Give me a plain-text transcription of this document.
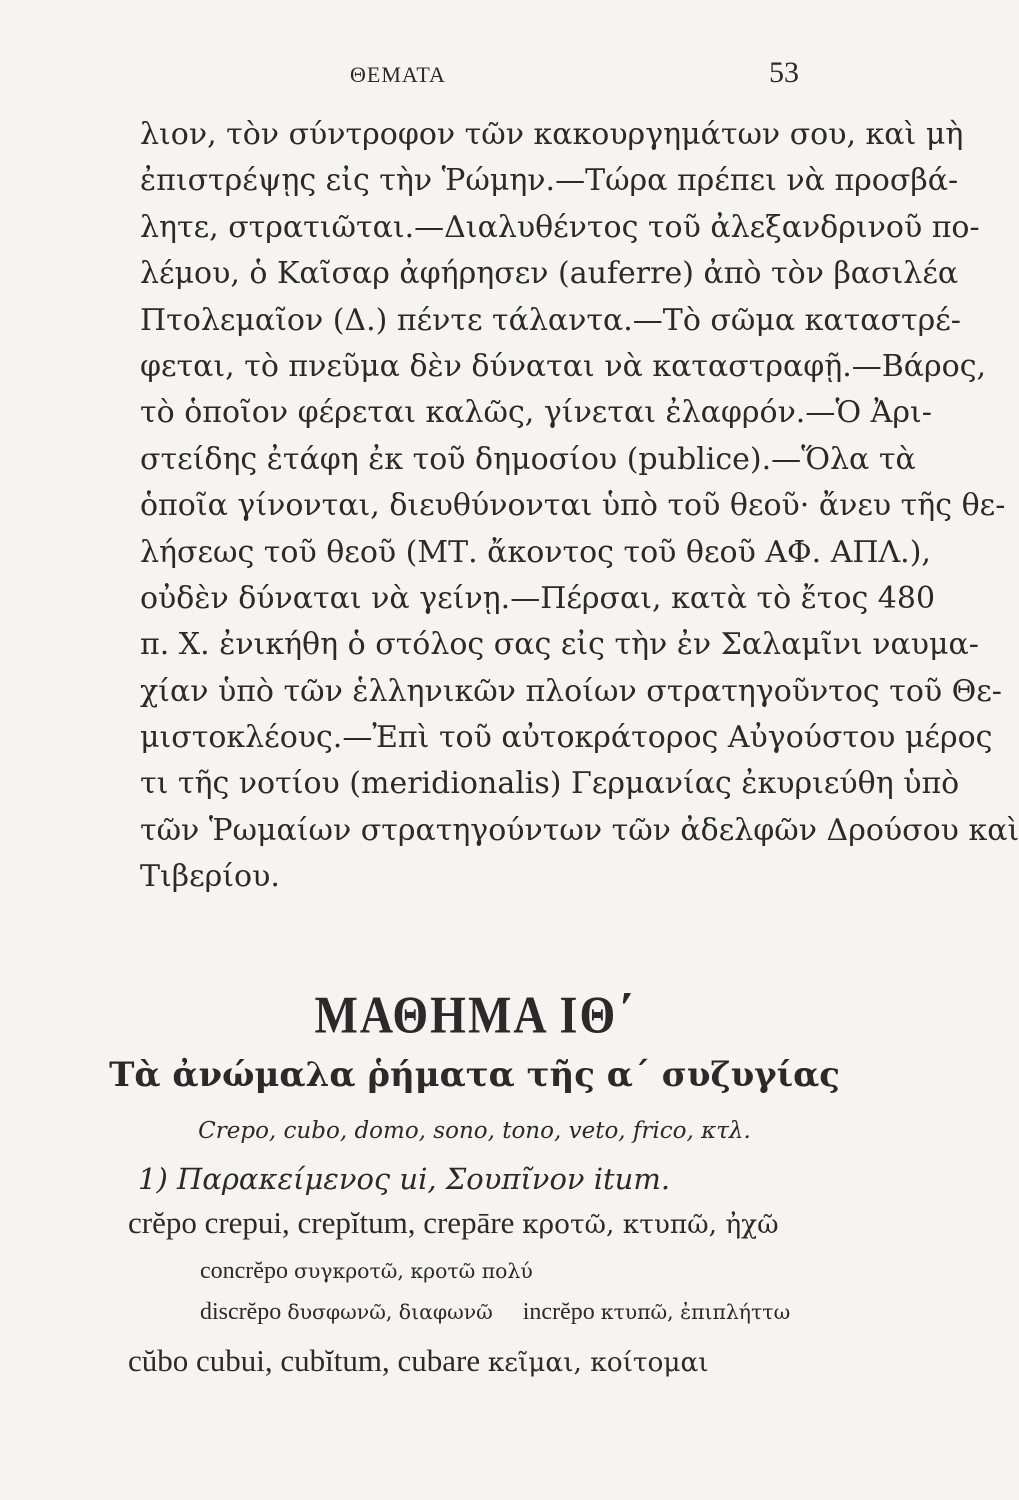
ΘΕΜΑΤΑ	53
λιον, τὸν σύντροφον τῶν κακουργημάτων σου, καὶ μὴ
ἐπιστρέψῃς εἰς τὴν Ῥώμην.—Τώρα πρέπει νὰ προσβά-
λητε, στρατιῶται.—Διαλυθέντος τοῦ ἀλεξανδρινοῦ πο-
λέμου, ὁ Καῖσαρ ἀφήρησεν (auferre) ἀπὸ τὸν βασιλέα
Πτολεμαῖον (Δ.) πέντε τάλαντα.—Τὸ σῶμα καταστρέ-
φεται, τὸ πνεῦμα δὲν δύναται νὰ καταστραφῇ.—Βάρος,
τὸ ὁποῖον φέρεται καλῶς, γίνεται ἐλαφρόν.—Ὁ Ἀρι-
στείδης ἐτάφη ἐκ τοῦ δημοσίου (publice).—Ὅλα τὰ
ὁποῖα γίνονται, διευθύνονται ὑπὸ τοῦ θεοῦ· ἄνευ τῆς θε-
λήσεως τοῦ θεοῦ (ΜΤ. ἄκοντος τοῦ θεοῦ ΑΦ. ΑΠΛ.),
οὐδὲν δύναται νὰ γείνῃ.—Πέρσαι, κατὰ τὸ ἔτος 480
π. Χ. ἐνικήθη ὁ στόλος σας εἰς τὴν ἐν Σαλαμῖνι ναυμα-
χίαν ὑπὸ τῶν ἑλληνικῶν πλοίων στρατηγοῦντος τοῦ Θε-
μιστοκλέους.—Ἐπὶ τοῦ αὐτοκράτορος Αὐγούστου μέρος
τι τῆς νοτίου (meridionalis) Γερμανίας ἐκυριεύθη ὑπὸ
τῶν Ῥωμαίων στρατηγούντων τῶν ἀδελφῶν Δρούσου καὶ
Τιβερίου.
ΜΑΘΗΜΑ ΙΘ΄
Τὰ ἀνώμαλα ῥήματα τῆς α΄ συζυγίας
Crepo, cubo, domo, sono, tono, veto, frico, κτλ.
1) Παρακείμενος ui, Σουπῖνον itum.
crĕpo crepui, crepĭtum, crepāre κροτῶ, κτυπῶ, ἠχῶ
concrĕpo συγκροτῶ, κροτῶ πολύ
discrĕpo δυσφωνῶ, διαφωνῶ incrĕpo κτυπῶ, ἐπιπλήττω
cŭbo cubui, cubĭtum, cubare κεῖμαι, κοίτομαι
